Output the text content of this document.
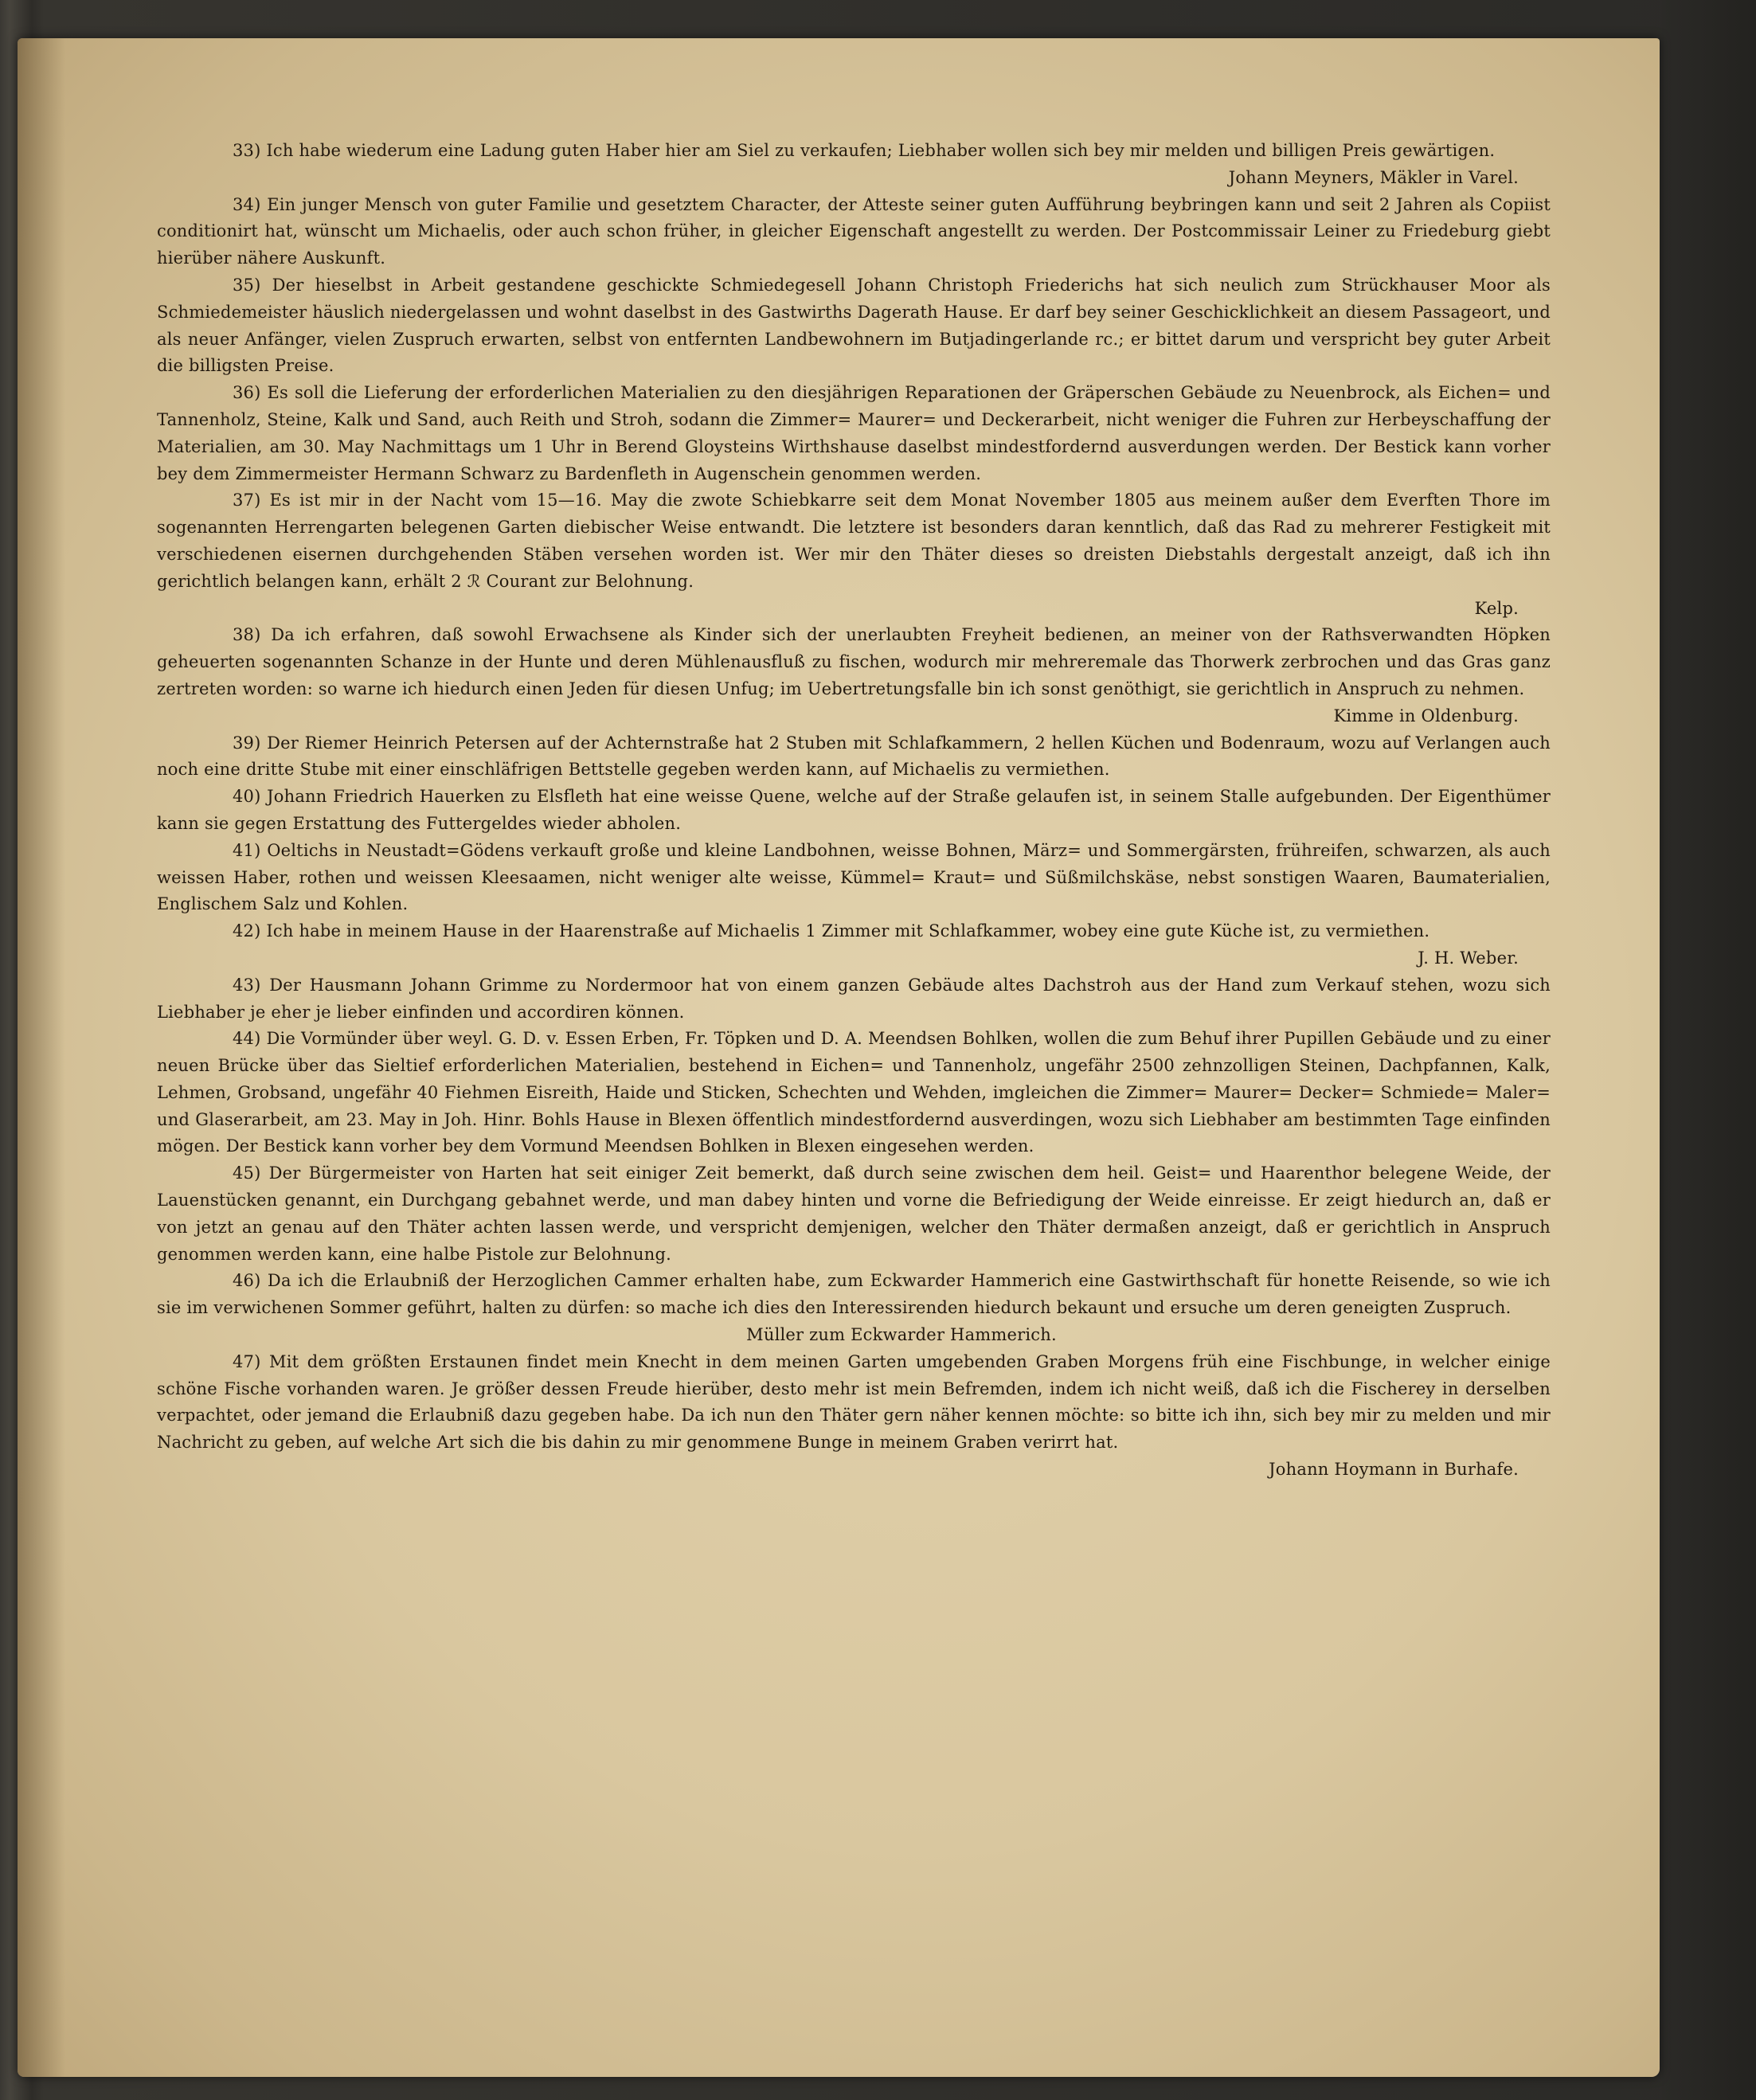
33) Ich habe wiederum eine Ladung guten Haber hier am Siel zu verkaufen; Liebhaber wollen sich bey mir melden und billigen Preis gewärtigen.

Johann Meyners, Mäkler in Varel.

34) Ein junger Mensch von guter Familie und gesetztem Character, der Atteste seiner guten Aufführung beybringen kann und seit 2 Jahren als Copiist conditionirt hat, wünscht um Michaelis, oder auch schon früher, in gleicher Eigenschaft angestellt zu werden. Der Postcommissair Leiner zu Friedeburg giebt hierüber nähere Auskunft.

35) Der hieselbst in Arbeit gestandene geschickte Schmiedegesell Johann Christoph Friederichs hat sich neulich zum Strückhauser Moor als Schmiedemeister häuslich niedergelassen und wohnt daselbst in des Gastwirths Dagerath Hause. Er darf bey seiner Geschicklichkeit an diesem Passageort, und als neuer Anfänger, vielen Zuspruch erwarten, selbst von entfernten Landbewohnern im Butjadingerlande rc.; er bittet darum und verspricht bey guter Arbeit die billigsten Preise.

36) Es soll die Lieferung der erforderlichen Materialien zu den diesjährigen Reparationen der Gräperschen Gebäude zu Neuenbrock, als Eichen= und Tannenholz, Steine, Kalk und Sand, auch Reith und Stroh, sodann die Zimmer= Maurer= und Deckerarbeit, nicht weniger die Fuhren zur Herbeyschaffung der Materialien, am 30. May Nachmittags um 1 Uhr in Berend Gloysteins Wirthshause daselbst mindestfordernd ausverdungen werden. Der Bestick kann vorher bey dem Zimmermeister Hermann Schwarz zu Bardenfleth in Augenschein genommen werden.

37) Es ist mir in der Nacht vom 15—16. May die zwote Schiebkarre seit dem Monat November 1805 aus meinem außer dem Everften Thore im sogenannten Herrengarten belegenen Garten diebischer Weise entwandt. Die letztere ist besonders daran kenntlich, daß das Rad zu mehrerer Festigkeit mit verschiedenen eisernen durchgehenden Stäben versehen worden ist. Wer mir den Thäter dieses so dreisten Diebstahls dergestalt anzeigt, daß ich ihn gerichtlich belangen kann, erhält 2 ℛ Courant zur Belohnung.

Kelp.

38) Da ich erfahren, daß sowohl Erwachsene als Kinder sich der unerlaubten Freyheit bedienen, an meiner von der Rathsverwandten Höpken geheuerten sogenannten Schanze in der Hunte und deren Mühlenausfluß zu fischen, wodurch mir mehreremale das Thorwerk zerbrochen und das Gras ganz zertreten worden: so warne ich hiedurch einen Jeden für diesen Unfug; im Uebertretungsfalle bin ich sonst genöthigt, sie gerichtlich in Anspruch zu nehmen.

Kimme in Oldenburg.

39) Der Riemer Heinrich Petersen auf der Achternstraße hat 2 Stuben mit Schlafkammern, 2 hellen Küchen und Bodenraum, wozu auf Verlangen auch noch eine dritte Stube mit einer einschläfrigen Bettstelle gegeben werden kann, auf Michaelis zu vermiethen.

40) Johann Friedrich Hauerken zu Elsfleth hat eine weisse Quene, welche auf der Straße gelaufen ist, in seinem Stalle aufgebunden. Der Eigenthümer kann sie gegen Erstattung des Futtergeldes wieder abholen.

41) Oeltichs in Neustadt=Gödens verkauft große und kleine Landbohnen, weisse Bohnen, März= und Sommergärsten, frühreifen, schwarzen, als auch weissen Haber, rothen und weissen Kleesaamen, nicht weniger alte weisse, Kümmel= Kraut= und Süßmilchskäse, nebst sonstigen Waaren, Baumaterialien, Englischem Salz und Kohlen.

42) Ich habe in meinem Hause in der Haarenstraße auf Michaelis 1 Zimmer mit Schlafkammer, wobey eine gute Küche ist, zu vermiethen.

J. H. Weber.

43) Der Hausmann Johann Grimme zu Nordermoor hat von einem ganzen Gebäude altes Dachstroh aus der Hand zum Verkauf stehen, wozu sich Liebhaber je eher je lieber einfinden und accordiren können.

44) Die Vormünder über weyl. G. D. v. Essen Erben, Fr. Töpken und D. A. Meendsen Bohlken, wollen die zum Behuf ihrer Pupillen Gebäude und zu einer neuen Brücke über das Sieltief erforderlichen Materialien, bestehend in Eichen= und Tannenholz, ungefähr 2500 zehnzolligen Steinen, Dachpfannen, Kalk, Lehmen, Grobsand, ungefähr 40 Fiehmen Eisreith, Haide und Sticken, Schechten und Wehden, imgleichen die Zimmer= Maurer= Decker= Schmiede= Maler= und Glaserarbeit, am 23. May in Joh. Hinr. Bohls Hause in Blexen öffentlich mindestfordernd ausverdingen, wozu sich Liebhaber am bestimmten Tage einfinden mögen. Der Bestick kann vorher bey dem Vormund Meendsen Bohlken in Blexen eingesehen werden.

45) Der Bürgermeister von Harten hat seit einiger Zeit bemerkt, daß durch seine zwischen dem heil. Geist= und Haarenthor belegene Weide, der Lauenstücken genannt, ein Durchgang gebahnet werde, und man dabey hinten und vorne die Befriedigung der Weide einreisse. Er zeigt hiedurch an, daß er von jetzt an genau auf den Thäter achten lassen werde, und verspricht demjenigen, welcher den Thäter dermaßen anzeigt, daß er gerichtlich in Anspruch genommen werden kann, eine halbe Pistole zur Belohnung.

46) Da ich die Erlaubniß der Herzoglichen Cammer erhalten habe, zum Eckwarder Hammerich eine Gastwirthschaft für honette Reisende, so wie ich sie im verwichenen Sommer geführt, halten zu dürfen: so mache ich dies den Interessirenden hiedurch bekaunt und ersuche um deren geneigten Zuspruch.

Müller zum Eckwarder Hammerich.

47) Mit dem größten Erstaunen findet mein Knecht in dem meinen Garten umgebenden Graben Morgens früh eine Fischbunge, in welcher einige schöne Fische vorhanden waren. Je größer dessen Freude hierüber, desto mehr ist mein Befremden, indem ich nicht weiß, daß ich die Fischerey in derselben verpachtet, oder jemand die Erlaubniß dazu gegeben habe. Da ich nun den Thäter gern näher kennen möchte: so bitte ich ihn, sich bey mir zu melden und mir Nachricht zu geben, auf welche Art sich die bis dahin zu mir genommene Bunge in meinem Graben verirrt hat.

Johann Hoymann in Burhafe.
